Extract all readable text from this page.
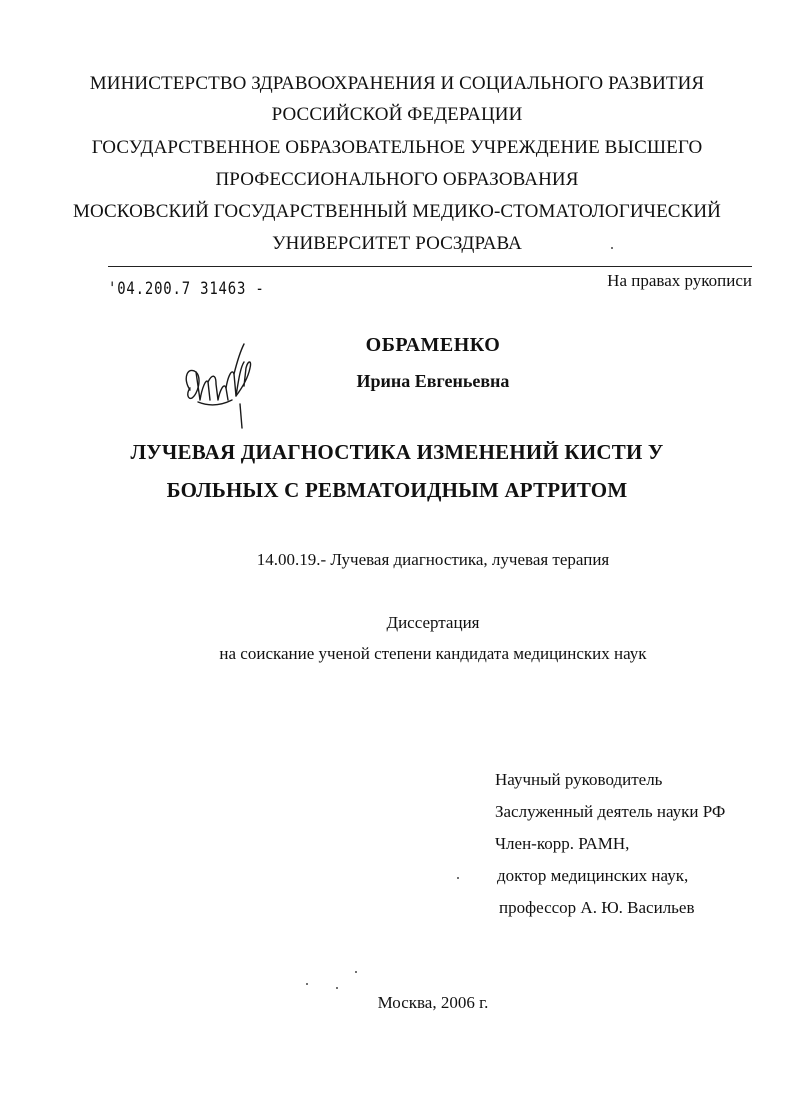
МИНИСТЕРСТВО ЗДРАВООХРАНЕНИЯ И СОЦИАЛЬНОГО РАЗВИТИЯ
РОССИЙСКОЙ ФЕДЕРАЦИИ
ГОСУДАРСТВЕННОЕ ОБРАЗОВАТЕЛЬНОЕ УЧРЕЖДЕНИЕ ВЫСШЕГО
ПРОФЕССИОНАЛЬНОГО ОБРАЗОВАНИЯ
МОСКОВСКИЙ ГОСУДАРСТВЕННЫЙ МЕДИКО-СТОМАТОЛОГИЧЕСКИЙ
УНИВЕРСИТЕТ РОСЗДРАВА
'04.200.7 31463 -	На правах рукописи
ОБРАМЕНКО
Ирина Евгеньевна
ЛУЧЕВАЯ ДИАГНОСТИКА ИЗМЕНЕНИЙ КИСТИ У
БОЛЬНЫХ С РЕВМАТОИДНЫМ АРТРИТОМ
14.00.19.- Лучевая диагностика, лучевая терапия
Диссертация
на соискание ученой степени кандидата медицинских наук
Научный руководитель
Заслуженный деятель науки РФ
Член-корр. РАМН,
доктор медицинских наук,
профессор А. Ю. Васильев
Москва, 2006 г.
